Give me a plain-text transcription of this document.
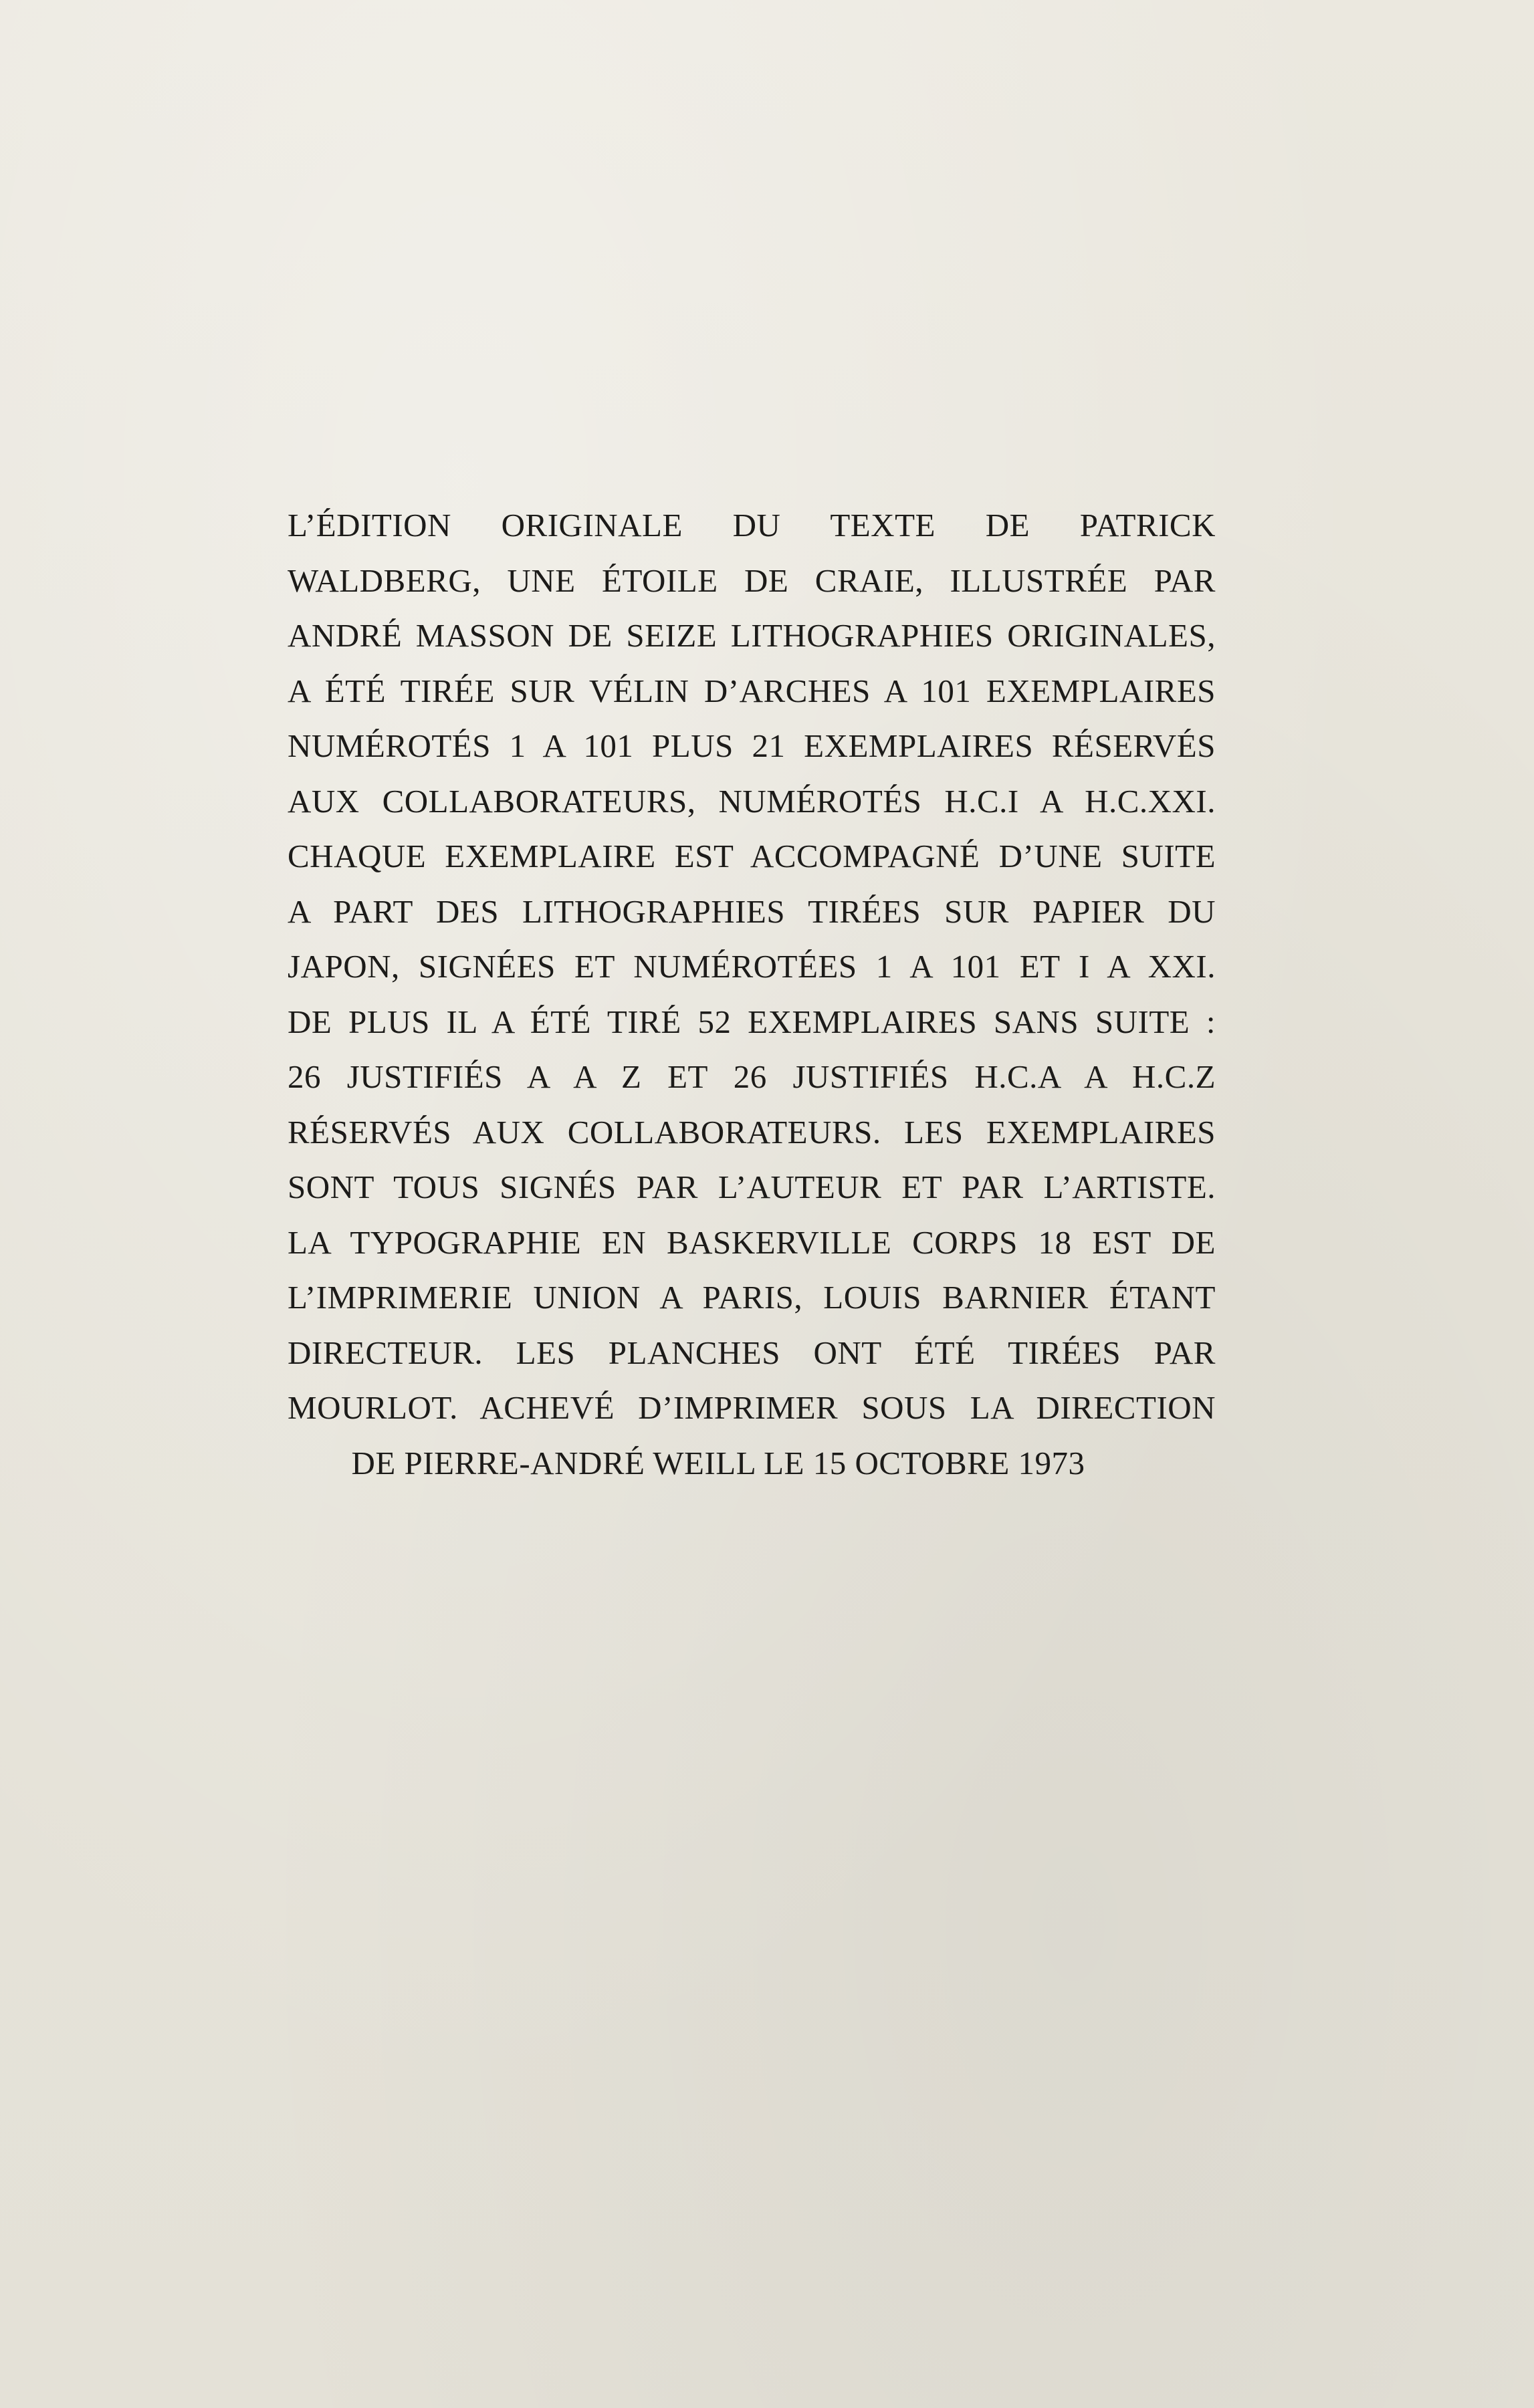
L’ÉDITION ORIGINALE DU TEXTE DE PATRICK
WALDBERG, UNE ÉTOILE DE CRAIE, ILLUSTRÉE PAR
ANDRÉ MASSON DE SEIZE LITHOGRAPHIES ORIGINALES,
A ÉTÉ TIRÉE SUR VÉLIN D’ARCHES A 101 EXEMPLAIRES
NUMÉROTÉS 1 A 101 PLUS 21 EXEMPLAIRES RÉSERVÉS
AUX COLLABORATEURS, NUMÉROTÉS H.C.I A H.C.XXI.
CHAQUE EXEMPLAIRE EST ACCOMPAGNÉ D’UNE SUITE
A PART DES LITHOGRAPHIES TIRÉES SUR PAPIER DU
JAPON, SIGNÉES ET NUMÉROTÉES 1 A 101 ET I A XXI.
DE PLUS IL A ÉTÉ TIRÉ 52 EXEMPLAIRES SANS SUITE :
26 JUSTIFIÉS A A Z ET 26 JUSTIFIÉS H.C.A A H.C.Z
RÉSERVÉS AUX COLLABORATEURS. LES EXEMPLAIRES
SONT TOUS SIGNÉS PAR L’AUTEUR ET PAR L’ARTISTE.
LA TYPOGRAPHIE EN BASKERVILLE CORPS 18 EST DE
L’IMPRIMERIE UNION A PARIS, LOUIS BARNIER ÉTANT
DIRECTEUR. LES PLANCHES ONT ÉTÉ TIRÉES PAR
MOURLOT. ACHEVÉ D’IMPRIMER SOUS LA DIRECTION
DE PIERRE-ANDRÉ WEILL LE 15 OCTOBRE 1973
